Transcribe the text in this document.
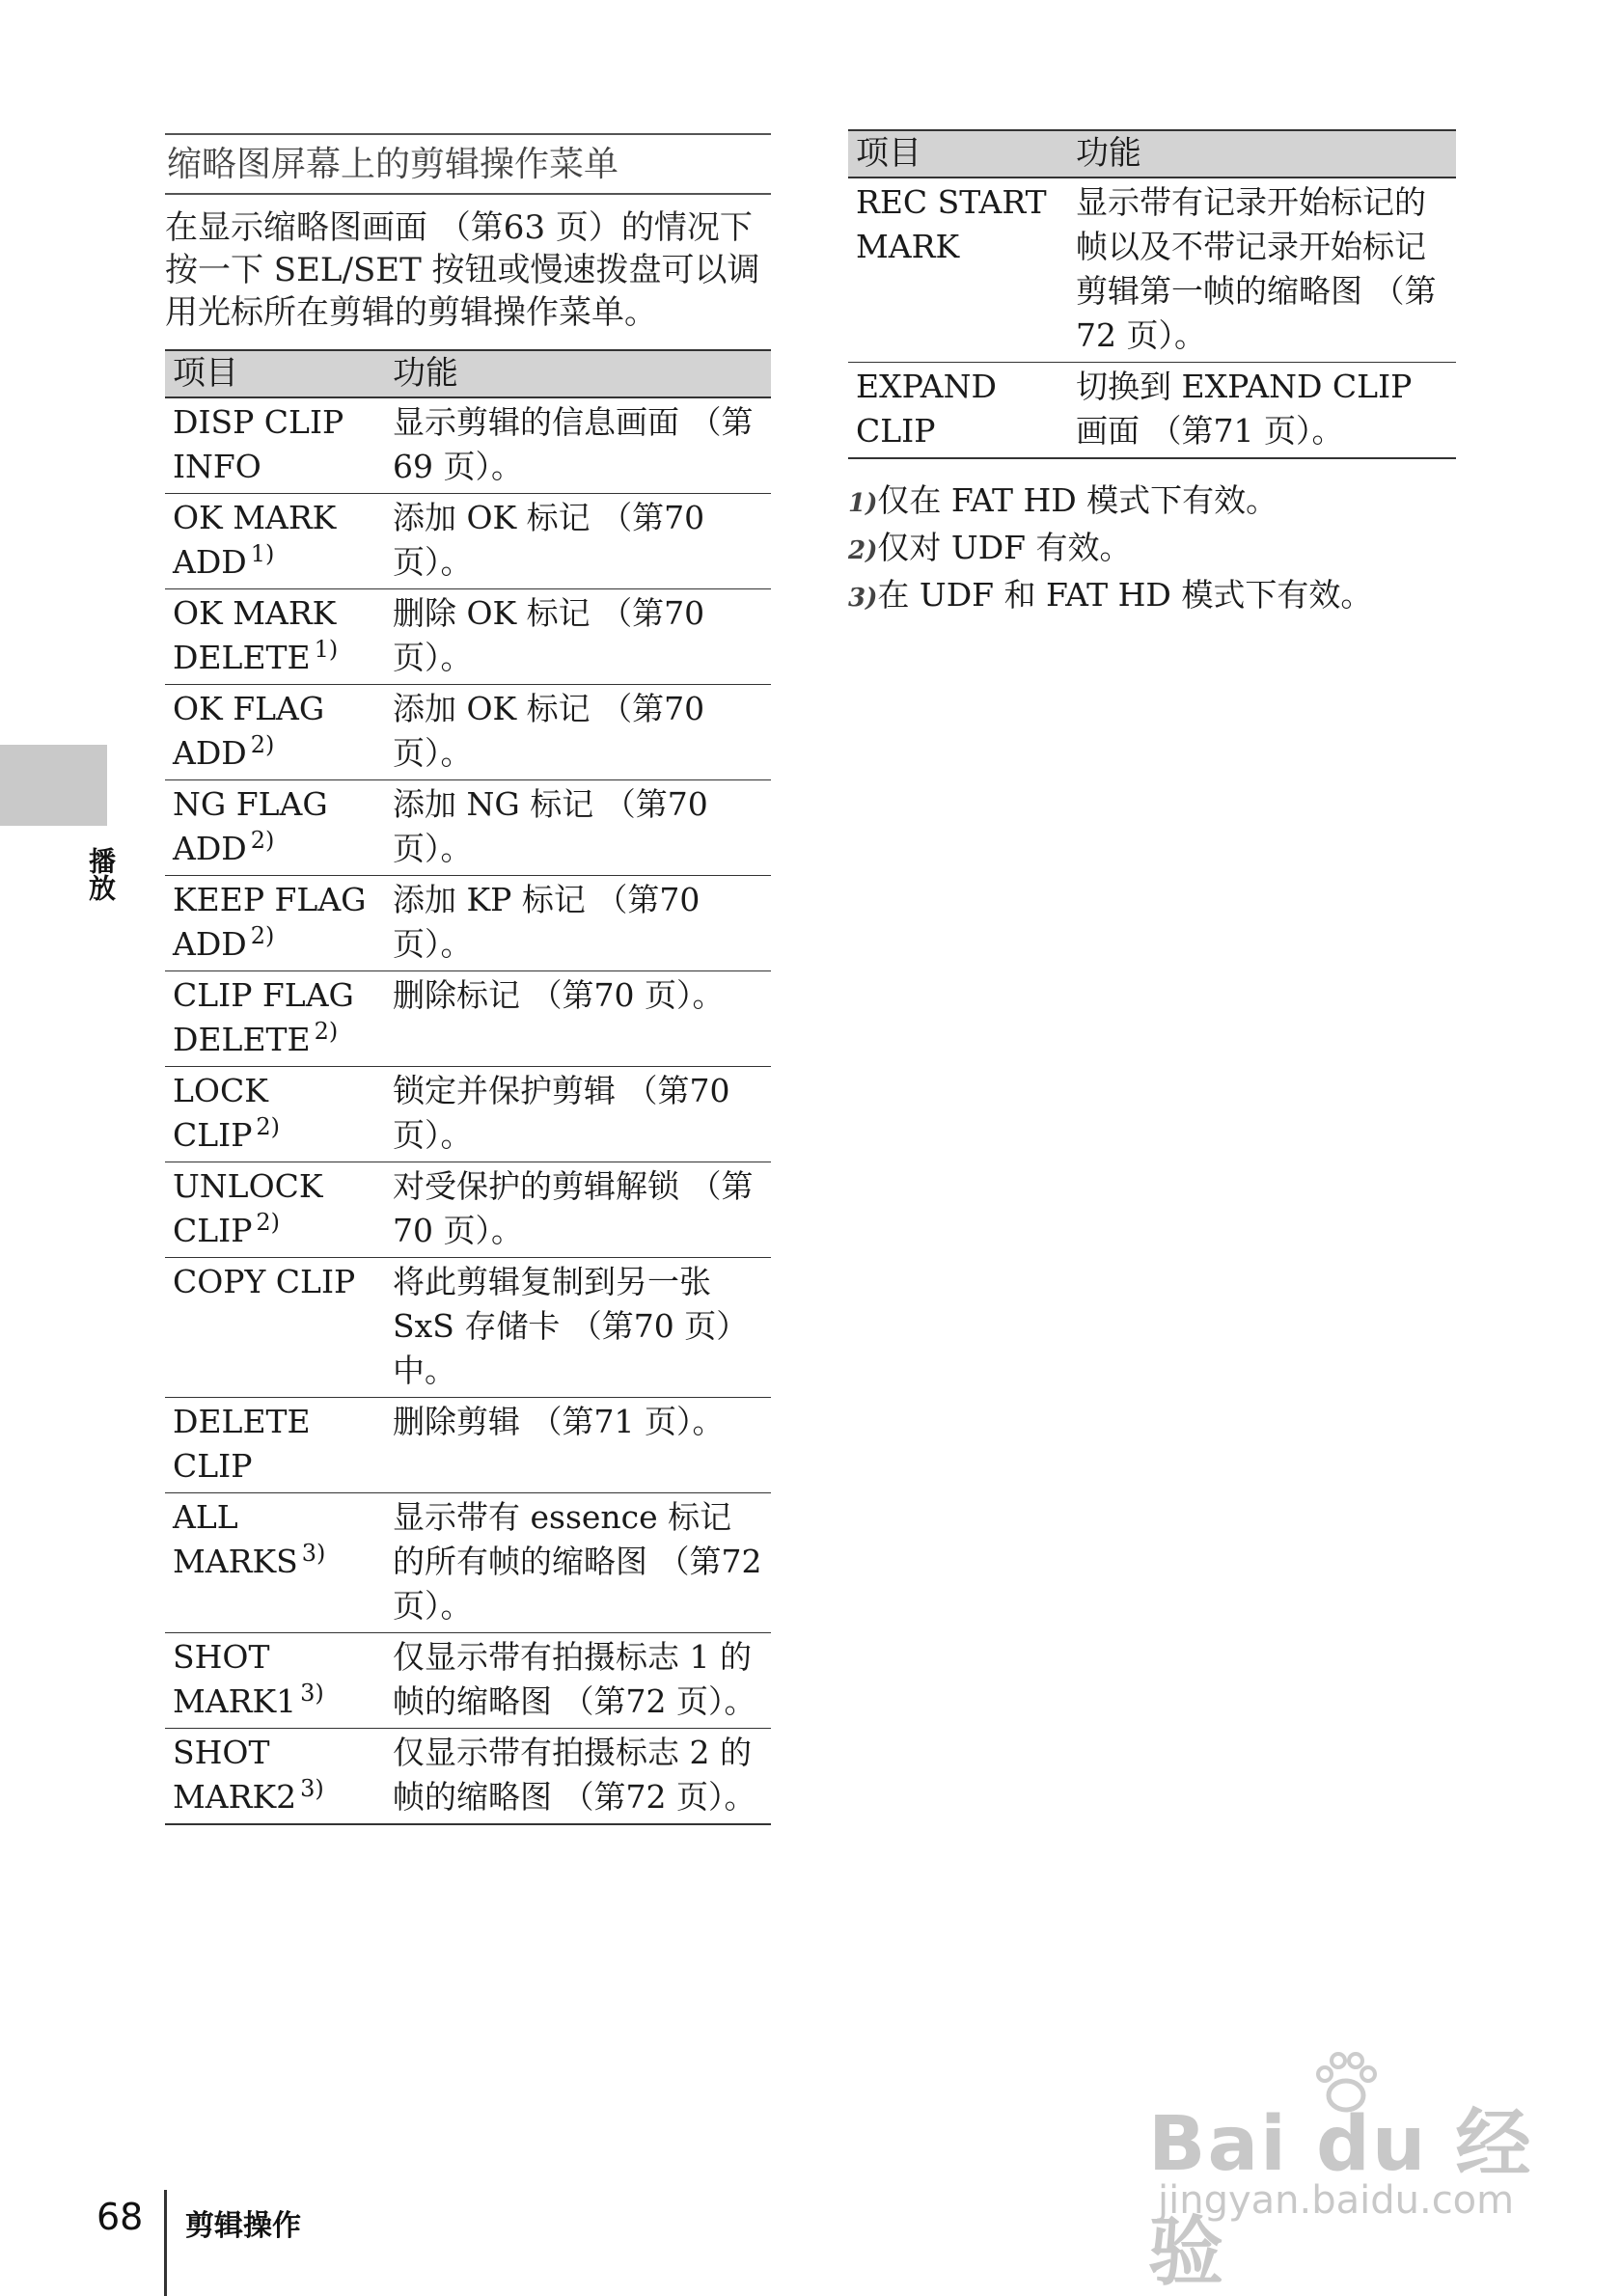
缩略图屏幕上的剪辑操作菜单
在显示缩略图画面 （第63 页）的情况下按一下 SEL/SET 按钮或慢速拨盘可以调用光标所在剪辑的剪辑操作菜单。
项目	功能
DISP CLIP INFO	显示剪辑的信息画面 （第69 页）。
OK MARK ADD $^{1)}$	添加 OK 标记 （第70 页）。
OK MARK DELETE $^{1)}$	删除 OK 标记 （第70 页）。
OK FLAG ADD $^{2)}$	添加 OK 标记 （第70 页）。
NG FLAG ADD $^{2)}$	添加 NG 标记 （第70 页）。
KEEP FLAG ADD $^{2)}$	添加 KP 标记 （第70 页）。
CLIP FLAG DELETE $^{2)}$	删除标记 （第70 页）。
LOCK CLIP $^{2)}$	锁定并保护剪辑 （第70 页）。
UNLOCK CLIP $^{2)}$	对受保护的剪辑解锁 （第70 页）。
COPY CLIP	将此剪辑复制到另一张 SxS 存储卡 （第70 页）中。
DELETE CLIP	删除剪辑 （第71 页）。
ALL MARKS $^{3)}$	显示带有 essence 标记的所有帧的缩略图 （第72 页）。
SHOT MARK1 $^{3)}$	仅显示带有拍摄标志 1 的帧的缩略图 （第72 页）。
SHOT MARK2 $^{3)}$	仅显示带有拍摄标志 2 的帧的缩略图 （第72 页）。
项目	功能
REC START MARK	显示带有记录开始标记的帧以及不带记录开始标记剪辑第一帧的缩略图 （第72 页）。
EXPAND CLIP	切换到 EXPAND CLIP 画面 （第71 页）。
1)仅在 FAT HD 模式下有效。
2)仅对 UDF 有效。
3)在 UDF 和 FAT HD 模式下有效。
播放
68 剪辑操作
Bai du 经验
jingyan.baidu.com
